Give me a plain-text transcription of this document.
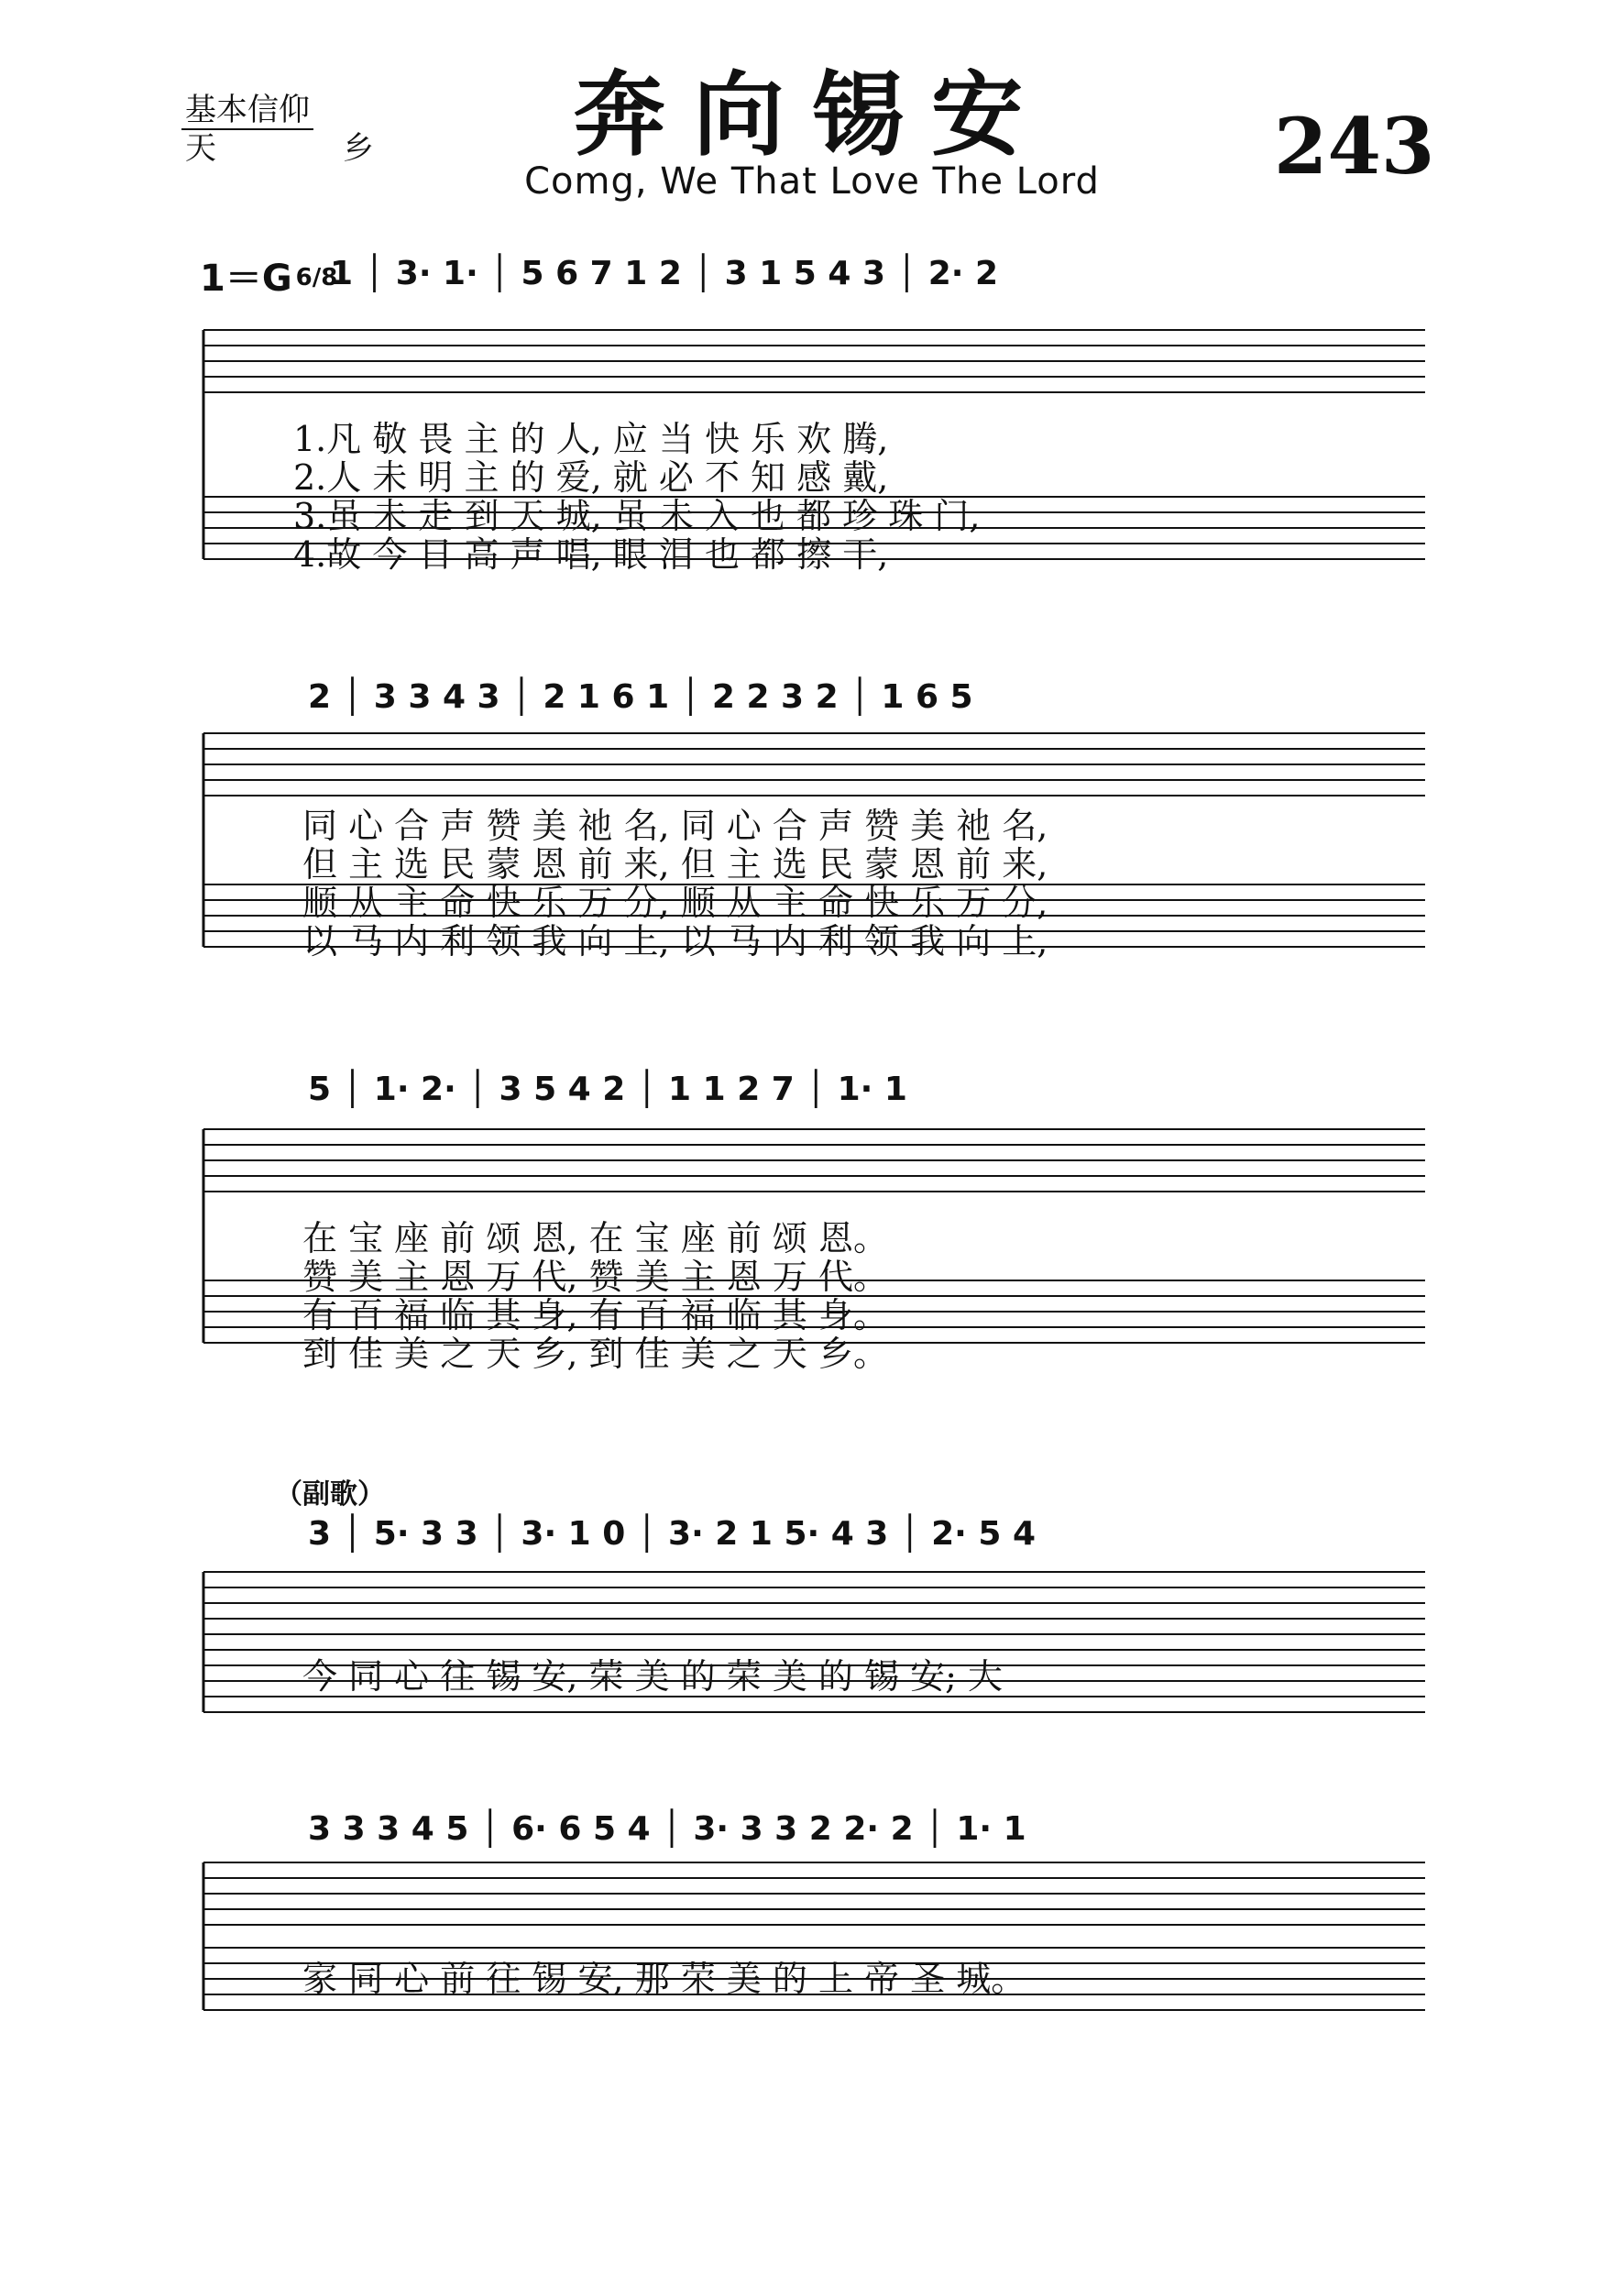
基本信仰
天　乡	奔向锡安
Comg, We That Love The Lord	243
1＝G 6/8
（副歌）
1 │ 3· 1· │ 5 6 7 1 2 │ 3 1 5 4 3 │ 2· 2
2 │ 3 3 4 3 │ 2 1 6 1 │ 2 2 3 2 │ 1 6 5
5 │ 1· 2· │ 3 5 4 2 │ 1 1 2 7 │ 1· 1
3 │ 5· 3 3 │ 3· 1 0 │ 3· 2 1 5· 4 3 │ 2· 5 4
3 3 3 4 5 │ 6· 6 5 4 │ 3· 3 3 2 2· 2 │ 1· 1
1.凡 敬 畏 主 的 人, 应 当 快 乐 欢 腾,
2.人 未 明 主 的 爱, 就 必 不 知 感 戴,
3.虽 未 走 到 天 城, 虽 未 入 也 都 珍 珠 门,
4.故 今 日 高 声 唱, 眼 泪 也 都 擦 干,
同 心 合 声 赞 美 祂 名, 同 心 合 声 赞 美 祂 名,
但 主 选 民 蒙 恩 前 来, 但 主 选 民 蒙 恩 前 来,
顺 从 主 命 快 乐 万 分, 顺 从 主 命 快 乐 万 分,
以 马 内 利 领 我 向 上, 以 马 内 利 领 我 向 上,
在 宝 座 前 颂 恩, 在 宝 座 前 颂 恩。
赞 美 主 恩 万 代, 赞 美 主 恩 万 代。
有 百 福 临 其 身, 有 百 福 临 其 身。
到 佳 美 之 天 乡, 到 佳 美 之 天 乡。
今 同 心 往 锡 安, 荣 美 的 荣 美 的 锡 安; 大
家 同 心 前 往 锡 安, 那 荣 美 的 上 帝 圣 城。
